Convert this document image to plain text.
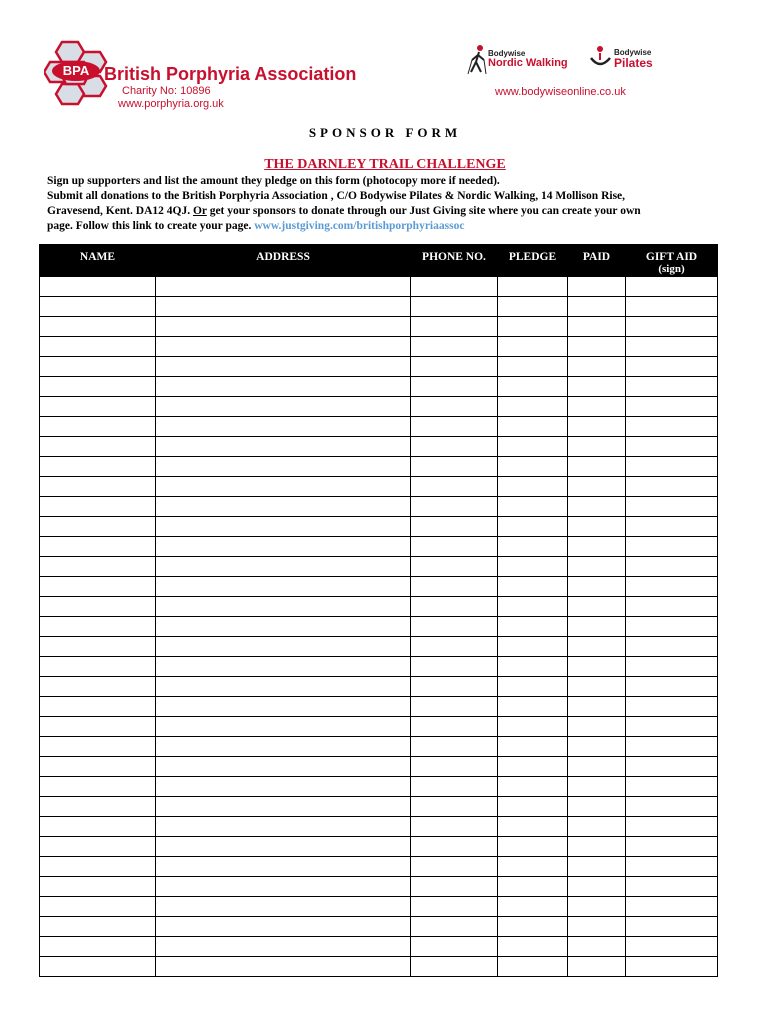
BPA British Porphyria Association
Charity No: 10896
www.porphyria.org.uk
Bodywise
Nordic Walking
Bodywise
Pilates
www.bodywiseonline.co.uk
SPONSOR FORM
THE DARNLEY TRAIL CHALLENGE

Sign up supporters and list the amount they pledge on this form (photocopy more if needed).

Submit all donations to the British Porphyria Association , C/O Bodywise Pilates & Nordic Walking, 14 Mollison Rise,

Gravesend, Kent. DA12 4QJ. Or get your sponsors to donate through our Just Giving site where you can create your own

page. Follow this link to create your page. www.justgiving.com/britishporphyriaassoc

NAME	ADDRESS	PHONE NO.	PLEDGE	PAID	GIFT AID
(sign)
